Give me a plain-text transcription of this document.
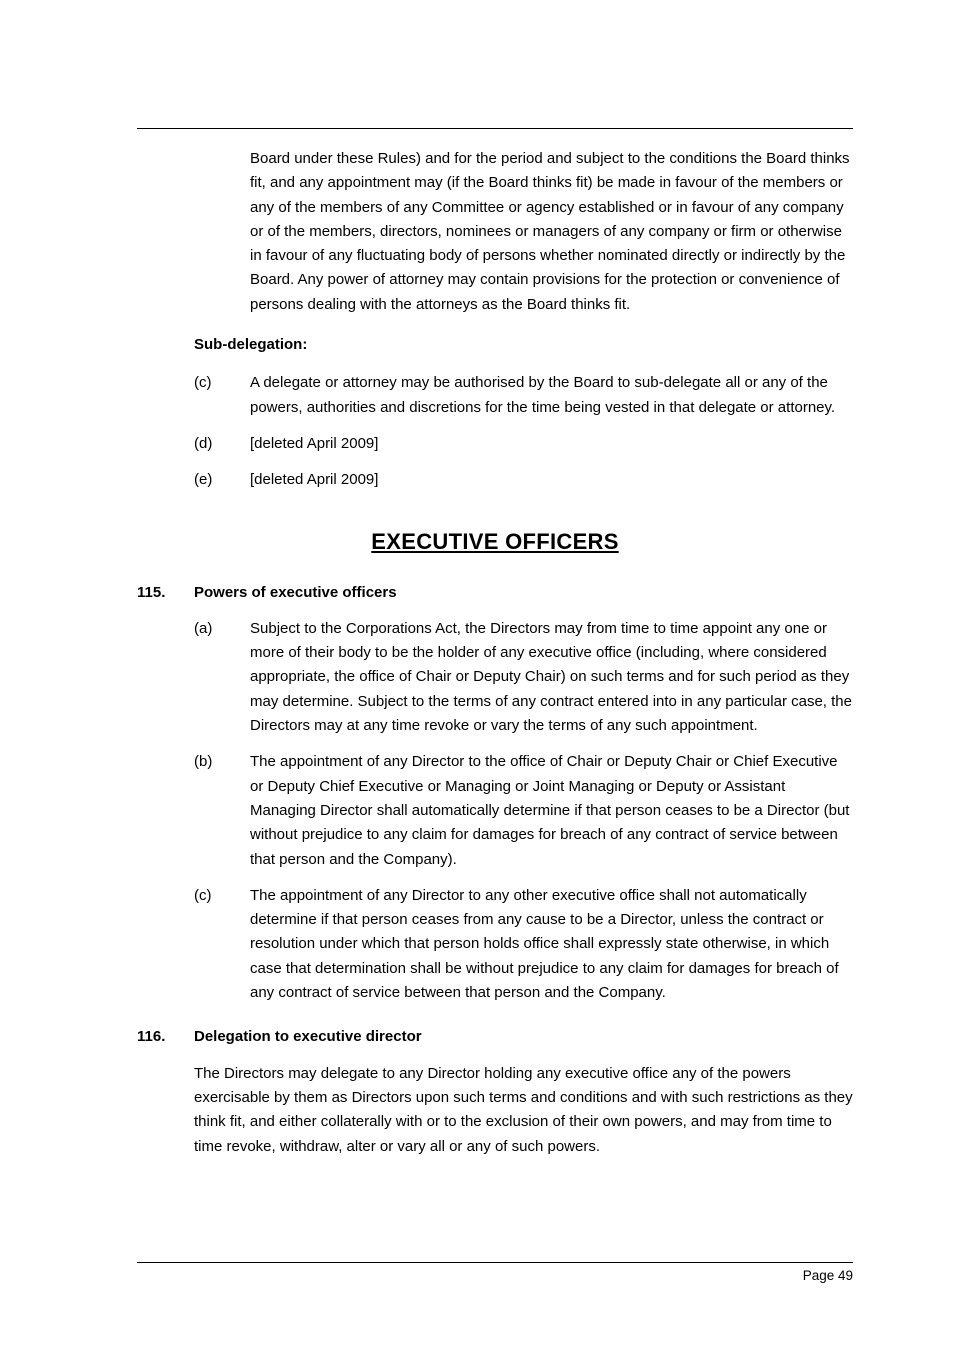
Board under these Rules) and for the period and subject to the conditions the Board thinks fit, and any appointment may (if the Board thinks fit) be made in favour of the members or any of the members of any Committee or agency established or in favour of any company or of the members, directors, nominees or managers of any company or firm or otherwise in favour of any fluctuating body of persons whether nominated directly or indirectly by the Board. Any power of attorney may contain provisions for the protection or convenience of persons dealing with the attorneys as the Board thinks fit.

Sub-delegation:
(c)	A delegate or attorney may be authorised by the Board to sub-delegate all or any of the powers, authorities and discretions for the time being vested in that delegate or attorney.
(d)	[deleted April 2009]
(e)	[deleted April 2009]
EXECUTIVE OFFICERS
115.	Powers of executive officers
(a)	Subject to the Corporations Act, the Directors may from time to time appoint any one or more of their body to be the holder of any executive office (including, where considered appropriate, the office of Chair or Deputy Chair) on such terms and for such period as they may determine. Subject to the terms of any contract entered into in any particular case, the Directors may at any time revoke or vary the terms of any such appointment.
(b)	The appointment of any Director to the office of Chair or Deputy Chair or Chief Executive or Deputy Chief Executive or Managing or Joint Managing or Deputy or Assistant Managing Director shall automatically determine if that person ceases to be a Director (but without prejudice to any claim for damages for breach of any contract of service between that person and the Company).
(c)	The appointment of any Director to any other executive office shall not automatically determine if that person ceases from any cause to be a Director, unless the contract or resolution under which that person holds office shall expressly state otherwise, in which case that determination shall be without prejudice to any claim for damages for breach of any contract of service between that person and the Company.
116.	Delegation to executive director

The Directors may delegate to any Director holding any executive office any of the powers exercisable by them as Directors upon such terms and conditions and with such restrictions as they think fit, and either collaterally with or to the exclusion of their own powers, and may from time to time revoke, withdraw, alter or vary all or any of such powers.

Page 49
